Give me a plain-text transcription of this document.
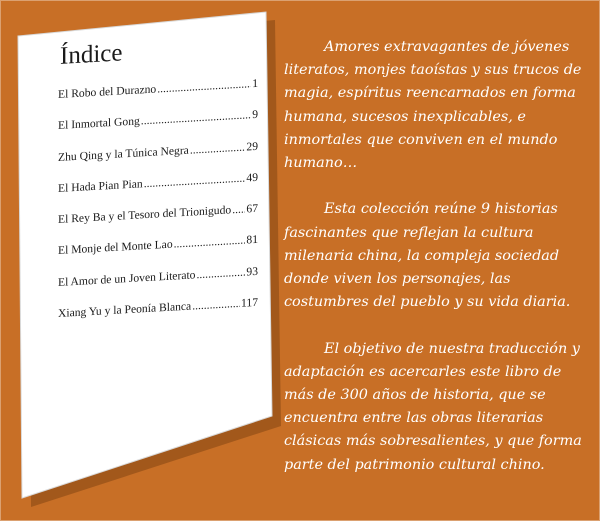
Índice
El Robo del Durazno .....	1
El Inmortal Gong .....	9
Zhu Qing y la Túnica Negra .....	29
El Hada Pian Pian .....	49
El Rey Ba y el Tesoro del Trionigudo ..... 67
El Monje del Monte Lao .....	81
El Amor de un Joven Literato .....	93
Xiang Yu y la Peonía Blanca .....	117

Amores extravagantes de jóvenes literatos, monjes taoístas y sus trucos de magia, espíritus reencarnados en forma humana, sucesos inexplicables, e inmortales que conviven en el mundo humano…

Esta colección reúne 9 historias fascinantes que reflejan la cultura milenaria china, la compleja sociedad donde viven los personajes, las costumbres del pueblo y su vida diaria.

El objetivo de nuestra traducción y adaptación es acercarles este libro de más de 300 años de historia, que se encuentra entre las obras literarias clásicas más sobresalientes, y que forma parte del patrimonio cultural chino.
